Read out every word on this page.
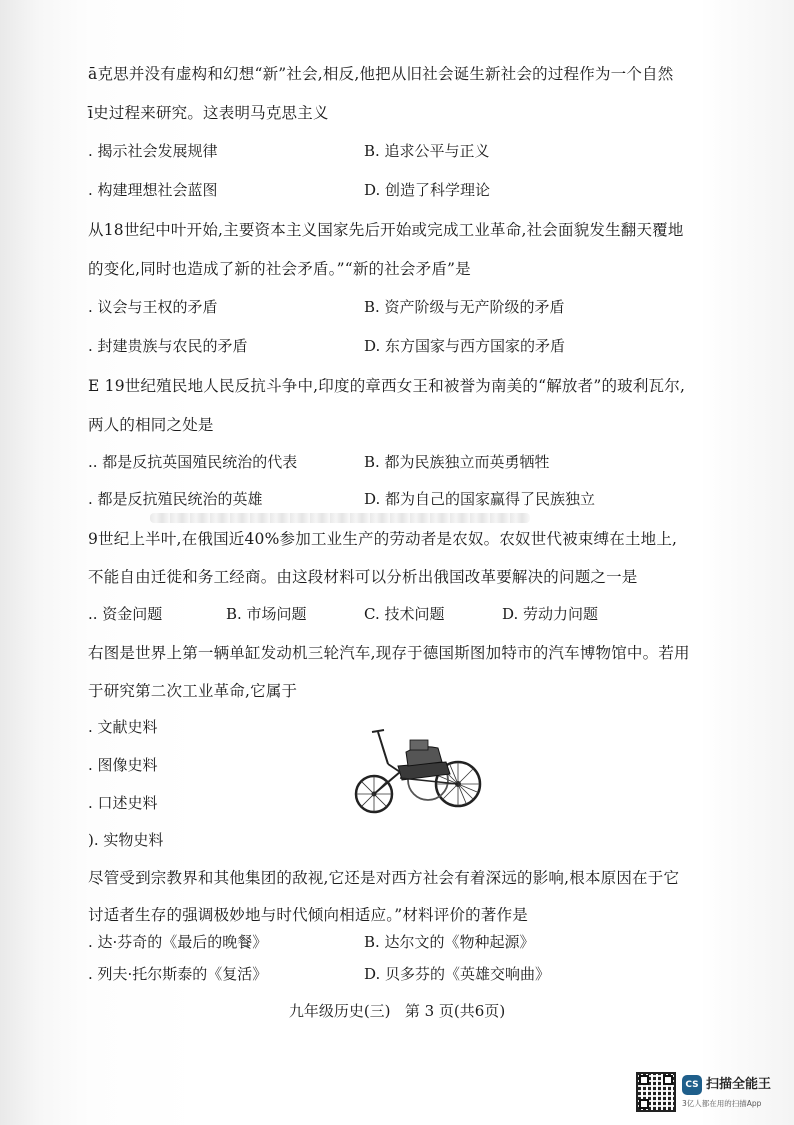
ā克思并没有虚构和幻想“新”社会,相反,他把从旧社会诞生新社会的过程作为一个自然
ī史过程来研究。这表明马克思主义
. 揭示社会发展规律	B. 追求公平与正义
. 构建理想社会蓝图	D. 创造了科学理论
从18世纪中叶开始,主要资本主义国家先后开始或完成工业革命,社会面貌发生翻天覆地
的变化,同时也造成了新的社会矛盾。”“新的社会矛盾”是
. 议会与王权的矛盾	B. 资产阶级与无产阶级的矛盾
. 封建贵族与农民的矛盾	D. 东方国家与西方国家的矛盾
E 19世纪殖民地人民反抗斗争中,印度的章西女王和被誉为南美的“解放者”的玻利瓦尔,
两人的相同之处是
.. 都是反抗英国殖民统治的代表	B. 都为民族独立而英勇牺牲
. 都是反抗殖民统治的英雄	D. 都为自己的国家赢得了民族独立
9世纪上半叶,在俄国近40%参加工业生产的劳动者是农奴。农奴世代被束缚在土地上,
不能自由迁徙和务工经商。由这段材料可以分析出俄国改革要解决的问题之一是
.. 资金问题	B. 市场问题	C. 技术问题	D. 劳动力问题
右图是世界上第一辆单缸发动机三轮汽车,现存于德国斯图加特市的汽车博物馆中。若用
于研究第二次工业革命,它属于
. 文献史料
. 图像史料
. 口述史料
). 实物史料
尽管受到宗教界和其他集团的敌视,它还是对西方社会有着深远的影响,根本原因在于它
讨适者生存的强调极妙地与时代倾向相适应。”材料评价的著作是
. 达·芬奇的《最后的晚餐》	B. 达尔文的《物种起源》
. 列夫·托尔斯泰的《复活》	D. 贝多芬的《英雄交响曲》
九年级历史(三)   第 3 页(共6页)
CS 扫描全能王
3亿人都在用的扫描App
